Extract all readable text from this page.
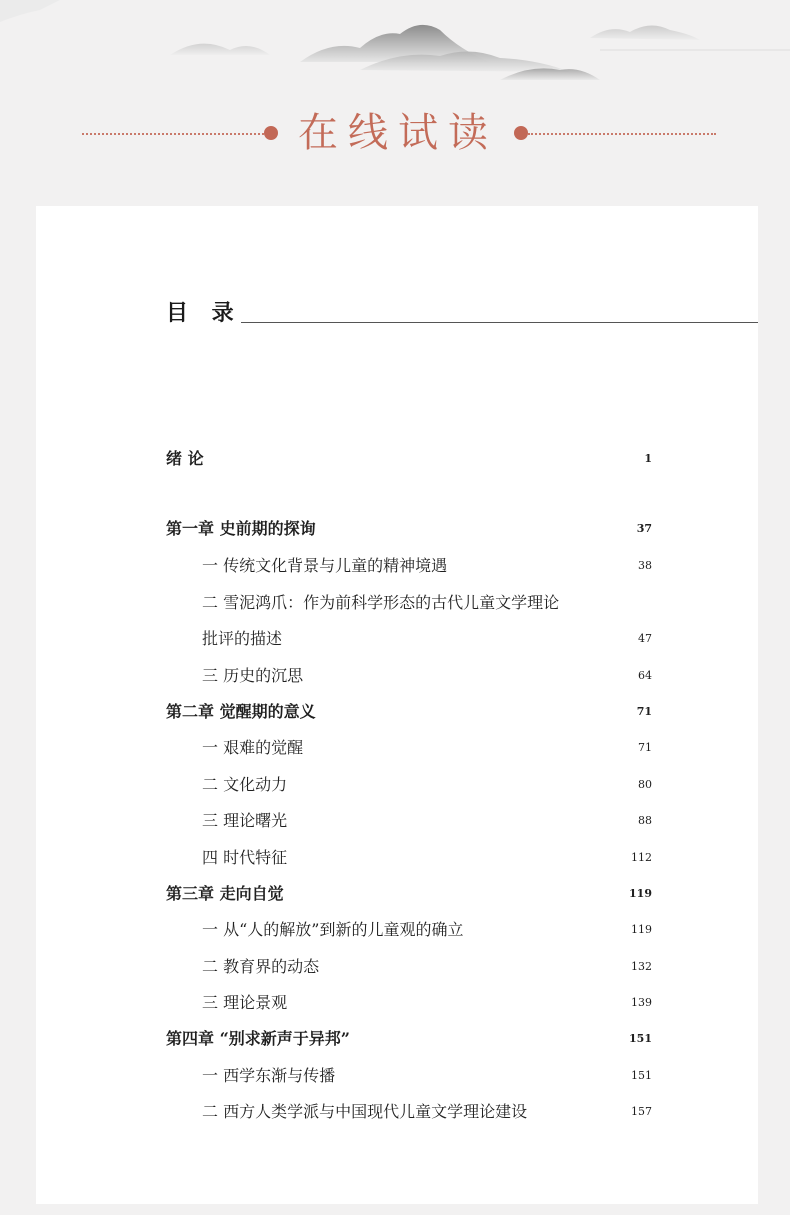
在线试读
目 录
绪 论	1
第一章 史前期的探询	37
一 传统文化背景与儿童的精神境遇	38
二 雪泥鸿爪：作为前科学形态的古代儿童文学理论
批评的描述	47
三 历史的沉思	64
第二章 觉醒期的意义	71
一 艰难的觉醒	71
二 文化动力	80
三 理论曙光	88
四 时代特征	112
第三章 走向自觉	119
一 从“人的解放”到新的儿童观的确立	119
二 教育界的动态	132
三 理论景观	139
第四章 “别求新声于异邦”	151
一 西学东渐与传播	151
二 西方人类学派与中国现代儿童文学理论建设	157
